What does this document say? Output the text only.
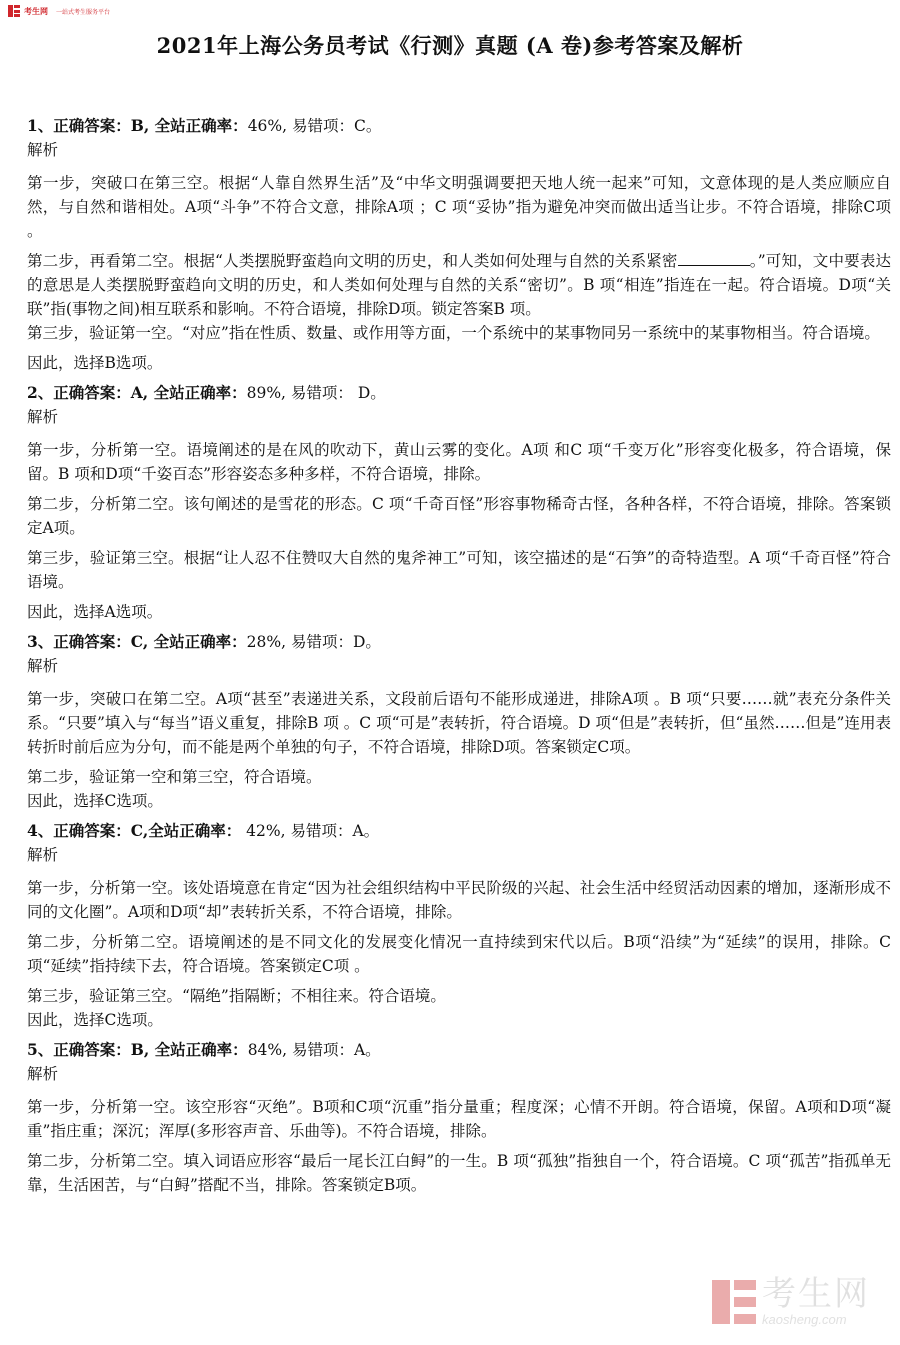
考生网 一站式考生服务平台
2021年上海公务员考试《行测》真题 (A 卷)参考答案及解析
1、正确答案：B, 全站正确率：46%, 易错项：C。
解析

第一步，突破口在第三空。根据“人靠自然界生活”及“中华文明强调要把天地人统一起来”可知，文意体现的是人类应顺应自然，与自然和谐相处。A项“斗争”不符合文意，排除A项 ；C 项“妥协”指为避免冲突而做出适当让步。不符合语境，排除C项 。

第二步，再看第二空。根据“人类摆脱野蛮趋向文明的历史，和人类如何处理与自然的关系紧密	。”可知，文中要表达的意思是人类摆脱野蛮趋向文明的历史，和人类如何处理与自然的关系“密切”。B 项“相连”指连在一起。符合语境。D项“关联”指(事物之间)相互联系和影响。不符合语境，排除D项。锁定答案B 项。
第三步，验证第一空。“对应”指在性质、数量、或作用等方面，一个系统中的某事物同另一系统中的某事物相当。符合语境。

因此，选择B选项。

2、正确答案：A, 全站正确率：89%, 易错项： D。
解析

第一步，分析第一空。语境阐述的是在风的吹动下，黄山云雾的变化。A项 和C 项“千变万化”形容变化极多，符合语境，保留。B 项和D项“千姿百态”形容姿态多种多样，不符合语境，排除。

第二步，分析第二空。该句阐述的是雪花的形态。C 项“千奇百怪”形容事物稀奇古怪，各种各样，不符合语境，排除。答案锁定A项。

第三步，验证第三空。根据“让人忍不住赞叹大自然的鬼斧神工”可知，该空描述的是“石笋”的奇特造型。A 项“千奇百怪”符合语境。

因此，选择A选项。

3、正确答案：C, 全站正确率：28%, 易错项：D。
解析

第一步，突破口在第二空。A项“甚至”表递进关系，文段前后语句不能形成递进，排除A项 。B 项“只要……就”表充分条件关系。“只要”填入与“每当”语义重复，排除B 项 。C 项“可是”表转折，符合语境。D 项“但是”表转折，但“虽然……但是”连用表转折时前后应为分句，而不能是两个单独的句子，不符合语境，排除D项。答案锁定C项。

第二步，验证第一空和第三空，符合语境。

因此，选择C选项。

4、正确答案：C,全站正确率： 42%, 易错项：A。
解析

第一步，分析第一空。该处语境意在肯定“因为社会组织结构中平民阶级的兴起、社会生活中经贸活动因素的增加，逐渐形成不同的文化圈”。A项和D项“却”表转折关系，不符合语境，排除。

第二步，分析第二空。语境阐述的是不同文化的发展变化情况一直持续到宋代以后。B项“沿续”为“延续”的误用，排除。C项“延续”指持续下去，符合语境。答案锁定C项 。

第三步，验证第三空。“隔绝”指隔断；不相往来。符合语境。

因此，选择C选项。

5、正确答案：B, 全站正确率：84%, 易错项：A。
解析

第一步，分析第一空。该空形容“灭绝”。B项和C项“沉重”指分量重；程度深；心情不开朗。符合语境，保留。A项和D项“凝重”指庄重；深沉；浑厚(多形容声音、乐曲等)。不符合语境，排除。

第二步，分析第二空。填入词语应形容“最后一尾长江白鲟”的一生。B 项“孤独”指独自一个，符合语境。C 项“孤苦”指孤单无靠，生活困苦，与“白鲟”搭配不当，排除。答案锁定B项。

考生网
kaosheng.com
